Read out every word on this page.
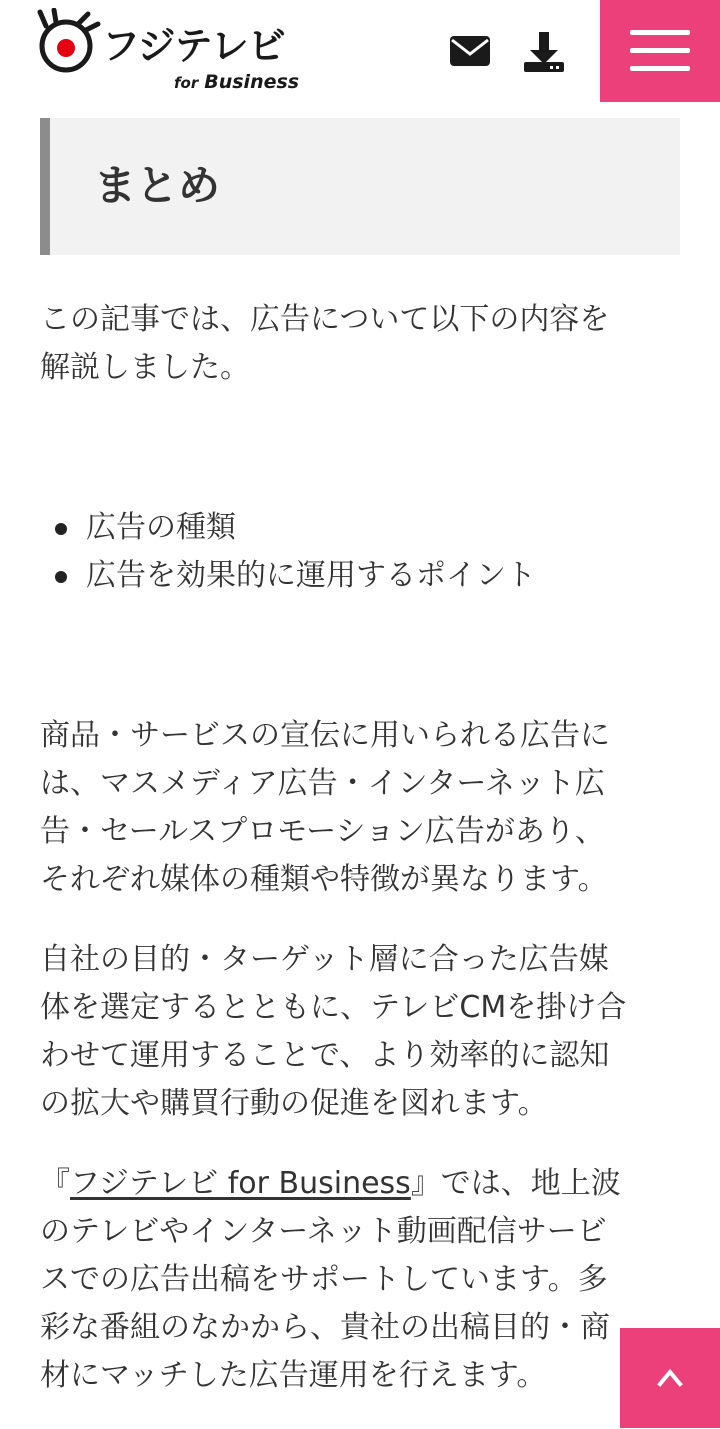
フジテレビ
for Business
まとめ
この記事では、広告について以下の内容を
解説しました。
広告の種類
広告を効果的に運用するポイント
商品・サービスの宣伝に用いられる広告に
は、マスメディア広告・インターネット広
告・セールスプロモーション広告があり、
それぞれ媒体の種類や特徴が異なります。
自社の目的・ターゲット層に合った広告媒
体を選定するとともに、テレビCMを掛け合
わせて運用することで、より効率的に認知
の拡大や購買行動の促進を図れます。
『フジテレビ for Business』では、地上波
のテレビやインターネット動画配信サービ
スでの広告出稿をサポートしています。多
彩な番組のなかから、貴社の出稿目的・商
材にマッチした広告運用を行えます。
